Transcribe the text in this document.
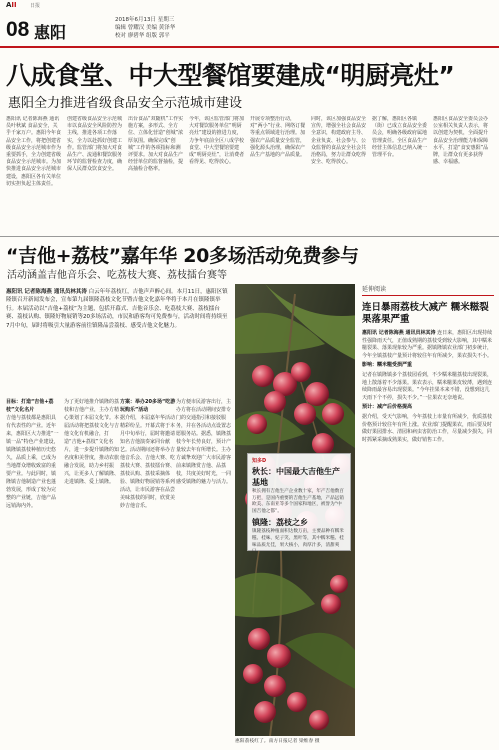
AII	日报
08 惠阳
2018年6月13日 星期三
编辑 曾耀汉 美编 黄泽华
校对 廖碧华 组版 郭平
八成食堂、中大型餐馆要建成“明厨亮灶”
惠阳全力推进省级食品安全示范城市建设
惠阳讯 记者陈海燕 通讯员叶秋斌 食品安全，关乎千家万户。惠阳今年食品安全工作，将把创建省级食品安全示范城市作为重要抓手，全力创建省级食品安全示范城市。为加快推进食品安全示范城市建设，惠阳区各有关单位切实担负起主体责任。
创建省级食品安全示范城市以食品安全风险防控为主线，推进各项工作落实，全力以赴抓好创建工作。监管部门将加大对食品生产、流通和餐饮服务环节的监督检查力度，确保人民群众饮食安全。
出台食品“双随机”工作实施方案，多形式、全方位、立体化营造“创城”浓厚氛围。确保完成“创城”工作的各项指标和测评要求。加大对食品生产经营单位的监督抽检，提高抽检合格率。
今年，该区监管部门将加大对餐饮服务单位“明厨亮灶”建设的推进力度，力争年底前全区八成学校食堂、中大型餐馆要建成“明厨亮灶”，让消费者看得见、吃得放心。
开展专项整治行动，对“两小”行业、网络订餐等重点领域进行治理。加强农产品质量安全监管，强化源头治理，确保农产品生产基地的产品质量。
同时，该区加强食品安全宣传，增强全社会食品安全意识，构建政府主导、企业负责、社会参与、公众监督的食品安全社会共治格局，努力让群众吃得安全、吃得放心。
据了解，惠阳区各镇（街）已成立食品安全委员会，明确各级政府属地管理责任。全区食品生产经营主体信息已纳入统一管理平台。
惠阳区食品安全委员会办公室相关负责人表示，将以创建为契机，全面提升食品安全治理能力和保障水平，打造“食安惠阳”品牌，让群众有更多获得感、幸福感。
“吉他+荔枝”嘉年华 20多场活动免费参与
活动涵盖吉他音乐会、吃荔枝大赛、荔枝擂台赛等
惠阳讯 记者陈海燕 通讯员林其涛 白云年年荔枝红，吉他声声醉心间。本月11日，惠阳区镇隆镇召开新闻发布会，宣布第九届镇隆荔枝文化节暨吉他文化嘉年华将于本月在镇隆镇举行。本届活动以“吉他+荔枝”为主题，包括开幕式、吉他音乐会、吃荔枝大赛、荔枝擂台赛、荔枝认购、镇隆好物展销等20多场活动，市民和游客均可免费参与，活动时间将持续至7月中旬，届时将吸引大量游客前往镇隆品尝荔枝、感受吉他文化魅力。
目标：打造“吉他+荔枝”文化名片
吉他与荔枝都是惠阳具有代表性的产业。近年来，惠阳区大力推进“一镇一品”特色产业建设，镇隆镇荔枝种植历史悠久，品质上乘，已成为当地群众增收致富的重要产业。与此同时，镇隆镇吉他制造产业也蓬勃发展，形成了较为完整的产业链，吉他产品远销海内外。
为了更好地推介镇隆的荔枝和吉他产业，主办方精心策划了本届文化节。本届活动将把荔枝文化与吉他文化有机融合，打造“吉他+荔枝”文化名片，进一步提升镇隆的知名度和美誉度，推动农旅融合发展，助力乡村振兴，让更多人了解镇隆、走进镇隆、爱上镇隆。
方案：举办20多场“吃游玩购乐”活动
据介绍，本届嘉年华活动精彩纷呈。开幕式将于本月中旬举行，届时将邀请知名吉他演奏家同台献艺。活动期间还将举办吉他音乐会、吉他大赛、吃荔枝大赛、荔枝擂台赛、荔枝认购、荔枝采摘体验、镇隆好物展销等系列活动，让市民游客在品尝美味荔枝的同时，欣赏美妙吉他音乐。
为方便市民游客出行，主办方将在活动期间安排专门的交通指引和接驳服务，并在各活动点设置志愿服务站。据悉，镇隆荔枝今年长势良好，预计产量较去年有所增长。主办方诚挚欢迎广大市民游客前来镇隆赏吉他、品荔枝，共度美好时光，一同感受镇隆的魅力与活力。
知多D
秋长：中国最大吉他生产基地
秋长拥有吉他生产企业数十家，年产吉他数百万把，是国内重要的吉他生产基地，产品远销欧美、东南亚等多个国家和地区，被誉为“中国吉他之都”。
镇隆：荔枝之乡
镇隆荔枝种植面积达数万亩，主要品种有糯米糍、桂味、妃子笑、黑叶等，其中糯米糍、桂味品质尤佳，果大核小，肉厚汁多，清甜爽口。
惠阳荔枝红了。南方日报记者 梁维春 摄
延伸阅读
连日暴雨荔枝大减产 糯米糍裂果落果严重

惠阳讯 记者陈海燕 通讯员林其涛 连日来，惠阳区出现持续性强降雨天气，正值成熟期的荔枝受到较大影响，其中糯米糍裂果、落果现象较为严重。据镇隆镇农业部门初步统计，今年全镇荔枝产量预计将较往年有所减少，果农损失不小。

影响：糯米糍受损严重

记者在镇隆镇多个荔枝园看到，不少糯米糍荔枝出现裂果，地上散落着不少落果。果农表示，糯米糍果皮较薄，遇到连续降雨最容易出现裂果。“今年挂果本来不错，没想到这几天雨下个不停，损失不少。”一位果农无奈地说。

预计：减产后价格提高

据介绍，受天气影响，今年荔枝上市量有所减少，优质荔枝价格预计较往年有所上涨。农业部门提醒果农，雨后要及时做好果园排水、清园和病虫害防治工作，尽量减少损失，同时抓紧采摘成熟果实，做好销售工作。
